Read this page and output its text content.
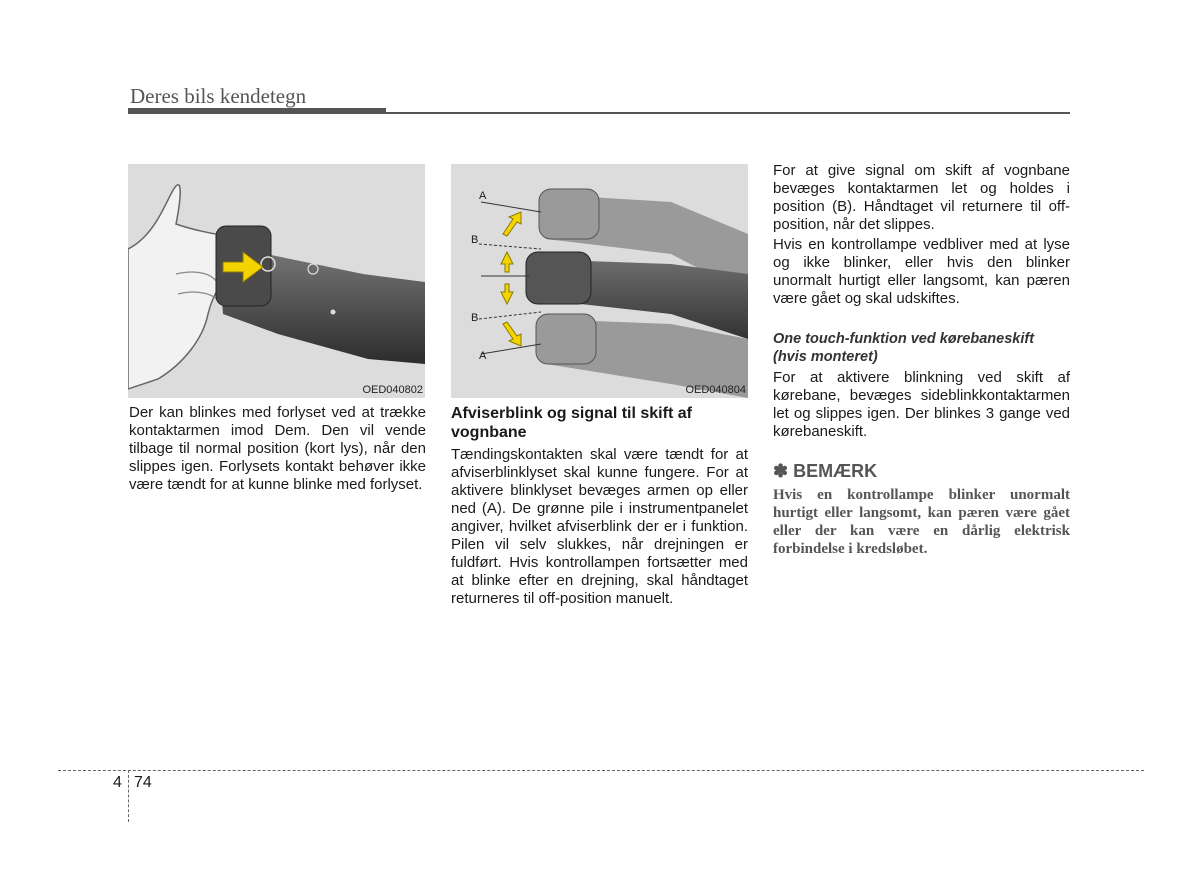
Deres bils kendetegn
OED040802
A
B
B
A
OED040804
Der kan blinkes med forlyset ved at trække kontaktarmen imod Dem. Den vil vende tilbage til normal position (kort lys), når den slippes igen. Forlysets kontakt behøver ikke være tændt for at kunne blinke med forlyset.
Afviserblink og signal til skift af vognbane
Tændingskontakten skal være tændt for at afviserblinklyset skal kunne fungere. For at aktivere blinklyset bevæges armen op eller ned (A). De grønne pile i instrumentpanelet angiver, hvilket afviserblink der er i funktion. Pilen vil selv slukkes, når drejningen er fuldført. Hvis kontrollampen fortsætter med at blinke efter en drejning, skal håndtaget returneres til off-position manuelt.

For at give signal om skift af vognbane bevæges kontaktarmen let og holdes i position (B). Håndtaget vil returnere til off-position, når det slippes.

Hvis en kontrollampe vedbliver med at lyse og ikke blinker, eller hvis den blinker unormalt hurtigt eller langsomt, kan pæren være gået og skal udskiftes.

One touch-funktion ved kørebaneskift (hvis monteret)
For at aktivere blinkning ved skift af kørebane, bevæges sideblinkkontaktarmen let og slippes igen. Der blinkes 3 gange ved kørebaneskift.
✽ BEMÆRK
Hvis en kontrollampe blinker unormalt hurtigt eller langsomt, kan pæren være gået eller der kan være en dårlig elektrisk forbindelse i kredsløbet.
4 74
